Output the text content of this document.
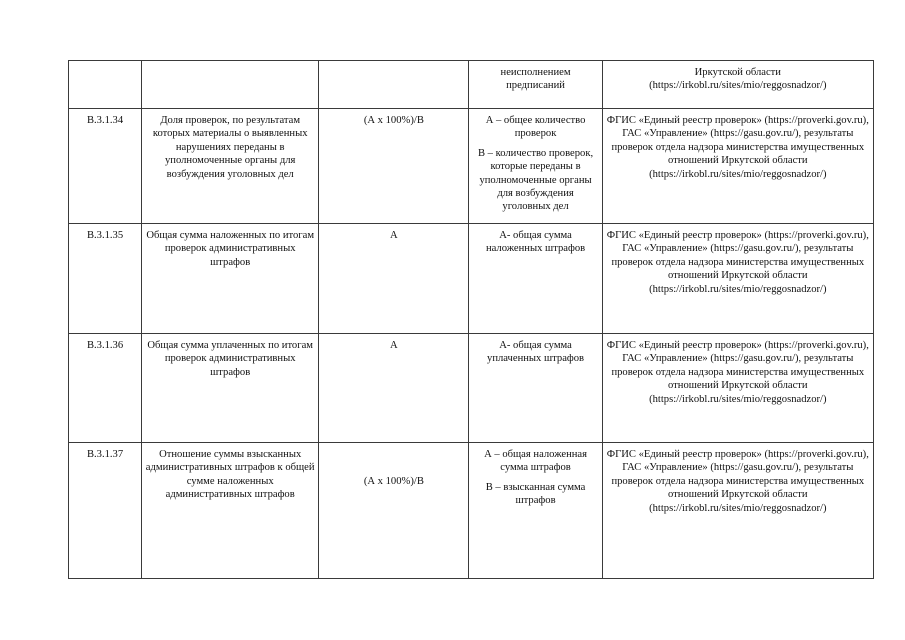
			неисполнением предписаний	Иркутской области
(https://irkobl.ru/sites/mio/reggosnadzor/)
В.3.1.34	Доля проверок, по результатам которых материалы о выявленных нарушениях переданы в уполномоченные органы для возбуждения уголовных дел	(А х 100%)/В	А – общее количество проверок
В – количество проверок, которые переданы в уполномоченные органы для возбуждения уголовных дел	ФГИС «Единый реестр проверок» (https://proverki.gov.ru), ГАС «Управление» (https://gasu.gov.ru/), результаты проверок отдела надзора министерства имущественных отношений Иркутской области (https://irkobl.ru/sites/mio/reggosnadzor/)
В.3.1.35	Общая сумма наложенных по итогам проверок административных штрафов	А	А- общая сумма наложенных штрафов	ФГИС «Единый реестр проверок» (https://proverki.gov.ru), ГАС «Управление» (https://gasu.gov.ru/), результаты проверок отдела надзора министерства имущественных отношений Иркутской области (https://irkobl.ru/sites/mio/reggosnadzor/)
В.3.1.36	Общая сумма уплаченных по итогам проверок административных штрафов	А	А- общая сумма уплаченных штрафов	ФГИС «Единый реестр проверок» (https://proverki.gov.ru), ГАС «Управление» (https://gasu.gov.ru/), результаты проверок отдела надзора министерства имущественных отношений Иркутской области (https://irkobl.ru/sites/mio/reggosnadzor/)
В.3.1.37	Отношение суммы взысканных административных штрафов к общей сумме наложенных административных штрафов	(А х 100%)/В	А – общая наложенная сумма штрафов
В – взысканная сумма штрафов	ФГИС «Единый реестр проверок» (https://proverki.gov.ru), ГАС «Управление» (https://gasu.gov.ru/), результаты проверок отдела надзора министерства имущественных отношений Иркутской области (https://irkobl.ru/sites/mio/reggosnadzor/)
